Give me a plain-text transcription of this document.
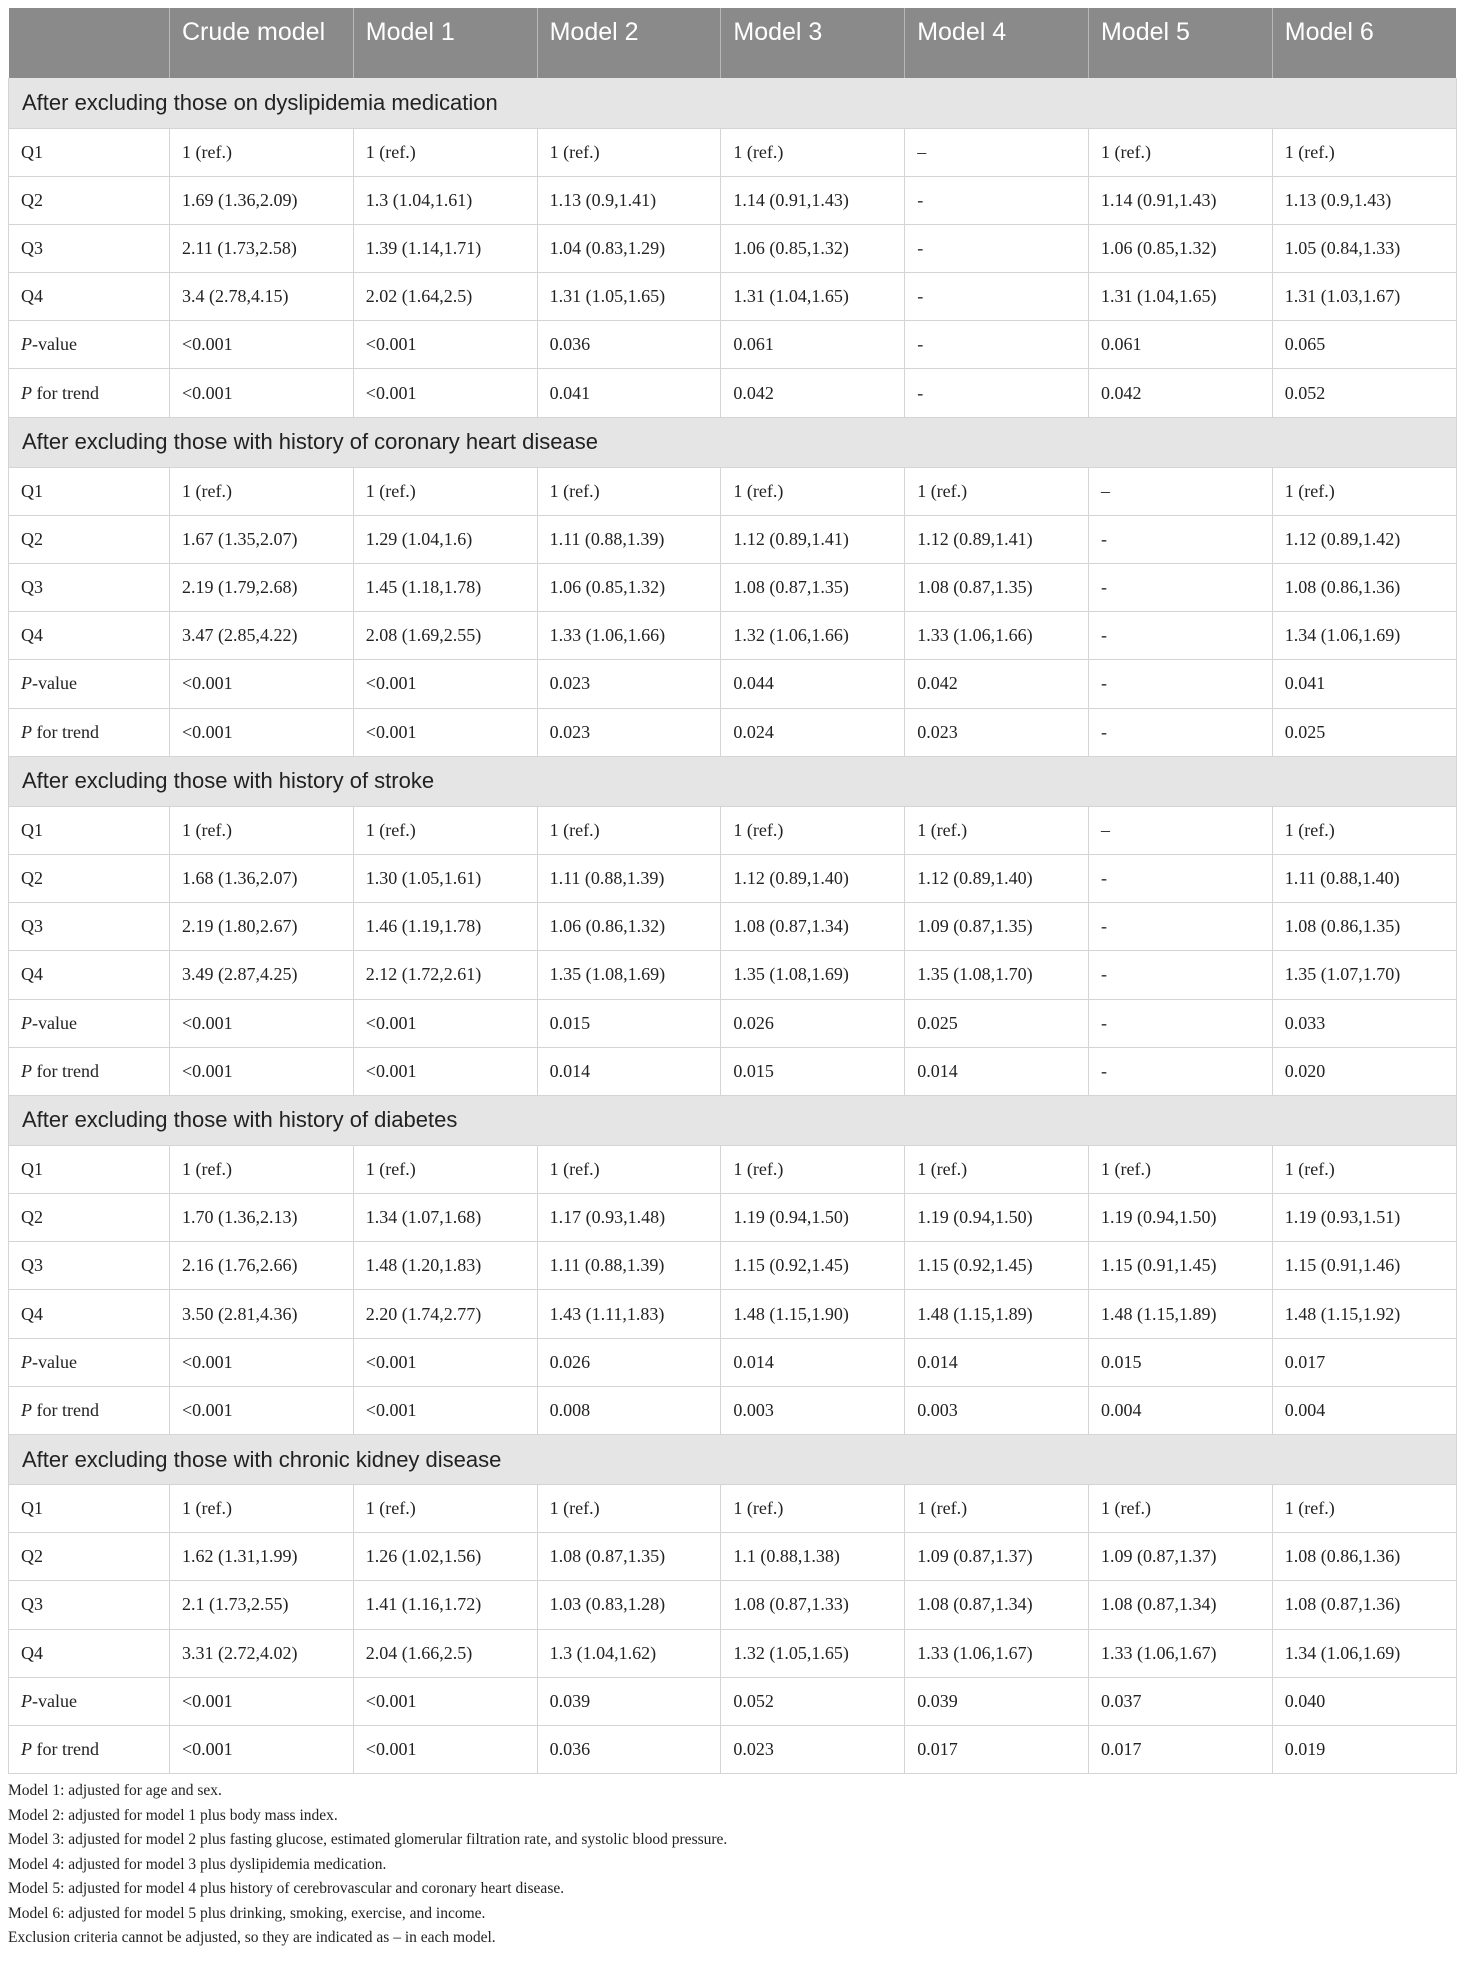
	Crude model	Model 1	Model 2	Model 3	Model 4	Model 5	Model 6
After excluding those on dyslipidemia medication							
Q1	1 (ref.)	1 (ref.)	1 (ref.)	1 (ref.)	–	1 (ref.)	1 (ref.)
Q2	1.69 (1.36,2.09)	1.3 (1.04,1.61)	1.13 (0.9,1.41)	1.14 (0.91,1.43)	-	1.14 (0.91,1.43)	1.13 (0.9,1.43)
Q3	2.11 (1.73,2.58)	1.39 (1.14,1.71)	1.04 (0.83,1.29)	1.06 (0.85,1.32)	-	1.06 (0.85,1.32)	1.05 (0.84,1.33)
Q4	3.4 (2.78,4.15)	2.02 (1.64,2.5)	1.31 (1.05,1.65)	1.31 (1.04,1.65)	-	1.31 (1.04,1.65)	1.31 (1.03,1.67)
P-value	<0.001	<0.001	0.036	0.061	-	0.061	0.065
P for trend	<0.001	<0.001	0.041	0.042	-	0.042	0.052
After excluding those with history of coronary heart disease							
Q1	1 (ref.)	1 (ref.)	1 (ref.)	1 (ref.)	1 (ref.)	–	1 (ref.)
Q2	1.67 (1.35,2.07)	1.29 (1.04,1.6)	1.11 (0.88,1.39)	1.12 (0.89,1.41)	1.12 (0.89,1.41)	-	1.12 (0.89,1.42)
Q3	2.19 (1.79,2.68)	1.45 (1.18,1.78)	1.06 (0.85,1.32)	1.08 (0.87,1.35)	1.08 (0.87,1.35)	-	1.08 (0.86,1.36)
Q4	3.47 (2.85,4.22)	2.08 (1.69,2.55)	1.33 (1.06,1.66)	1.32 (1.06,1.66)	1.33 (1.06,1.66)	-	1.34 (1.06,1.69)
P-value	<0.001	<0.001	0.023	0.044	0.042	-	0.041
P for trend	<0.001	<0.001	0.023	0.024	0.023	-	0.025
After excluding those with history of stroke							
Q1	1 (ref.)	1 (ref.)	1 (ref.)	1 (ref.)	1 (ref.)	–	1 (ref.)
Q2	1.68 (1.36,2.07)	1.30 (1.05,1.61)	1.11 (0.88,1.39)	1.12 (0.89,1.40)	1.12 (0.89,1.40)	-	1.11 (0.88,1.40)
Q3	2.19 (1.80,2.67)	1.46 (1.19,1.78)	1.06 (0.86,1.32)	1.08 (0.87,1.34)	1.09 (0.87,1.35)	-	1.08 (0.86,1.35)
Q4	3.49 (2.87,4.25)	2.12 (1.72,2.61)	1.35 (1.08,1.69)	1.35 (1.08,1.69)	1.35 (1.08,1.70)	-	1.35 (1.07,1.70)
P-value	<0.001	<0.001	0.015	0.026	0.025	-	0.033
P for trend	<0.001	<0.001	0.014	0.015	0.014	-	0.020
After excluding those with history of diabetes							
Q1	1 (ref.)	1 (ref.)	1 (ref.)	1 (ref.)	1 (ref.)	1 (ref.)	1 (ref.)
Q2	1.70 (1.36,2.13)	1.34 (1.07,1.68)	1.17 (0.93,1.48)	1.19 (0.94,1.50)	1.19 (0.94,1.50)	1.19 (0.94,1.50)	1.19 (0.93,1.51)
Q3	2.16 (1.76,2.66)	1.48 (1.20,1.83)	1.11 (0.88,1.39)	1.15 (0.92,1.45)	1.15 (0.92,1.45)	1.15 (0.91,1.45)	1.15 (0.91,1.46)
Q4	3.50 (2.81,4.36)	2.20 (1.74,2.77)	1.43 (1.11,1.83)	1.48 (1.15,1.90)	1.48 (1.15,1.89)	1.48 (1.15,1.89)	1.48 (1.15,1.92)
P-value	<0.001	<0.001	0.026	0.014	0.014	0.015	0.017
P for trend	<0.001	<0.001	0.008	0.003	0.003	0.004	0.004
After excluding those with chronic kidney disease							
Q1	1 (ref.)	1 (ref.)	1 (ref.)	1 (ref.)	1 (ref.)	1 (ref.)	1 (ref.)
Q2	1.62 (1.31,1.99)	1.26 (1.02,1.56)	1.08 (0.87,1.35)	1.1 (0.88,1.38)	1.09 (0.87,1.37)	1.09 (0.87,1.37)	1.08 (0.86,1.36)
Q3	2.1 (1.73,2.55)	1.41 (1.16,1.72)	1.03 (0.83,1.28)	1.08 (0.87,1.33)	1.08 (0.87,1.34)	1.08 (0.87,1.34)	1.08 (0.87,1.36)
Q4	3.31 (2.72,4.02)	2.04 (1.66,2.5)	1.3 (1.04,1.62)	1.32 (1.05,1.65)	1.33 (1.06,1.67)	1.33 (1.06,1.67)	1.34 (1.06,1.69)
P-value	<0.001	<0.001	0.039	0.052	0.039	0.037	0.040
P for trend	<0.001	<0.001	0.036	0.023	0.017	0.017	0.019
Model 1: adjusted for age and sex.
Model 2: adjusted for model 1 plus body mass index.
Model 3: adjusted for model 2 plus fasting glucose, estimated glomerular filtration rate, and systolic blood pressure.
Model 4: adjusted for model 3 plus dyslipidemia medication.
Model 5: adjusted for model 4 plus history of cerebrovascular and coronary heart disease.
Model 6: adjusted for model 5 plus drinking, smoking, exercise, and income.
Exclusion criteria cannot be adjusted, so they are indicated as – in each model.
